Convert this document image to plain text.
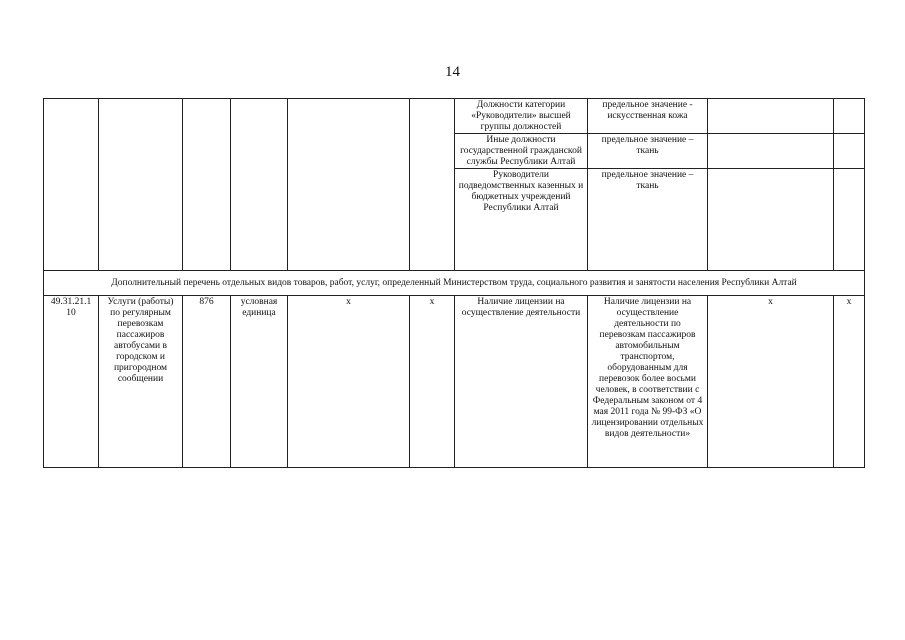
14
						Должности категории «Руководители» высшей группы должностей	предельное значение - искусственная кожа		
						Иные должности государственной гражданской службы Республики Алтай	предельное значение – ткань		
						Руководители подведомственных казенных и бюджетных учреждений Республики Алтай	предельное значение – ткань		
Дополнительный перечень отдельных видов товаров, работ, услуг, определенный Министерством труда, социального развития и занятости населения Республики Алтай									
49.31.21.1 10	Услуги (работы) по регулярным перевозкам пассажиров автобусами в городском и пригородном сообщении	876	условная единица	х	х	Наличие лицензии на осуществление деятельности	Наличие лицензии на осуществление деятельности по перевозкам пассажиров автомобильным транспортом, оборудованным для перевозок более восьми человек, в соответствии с Федеральным законом от 4 мая 2011 года № 99-ФЗ «О лицензировании отдельных видов деятельности»	х	х
